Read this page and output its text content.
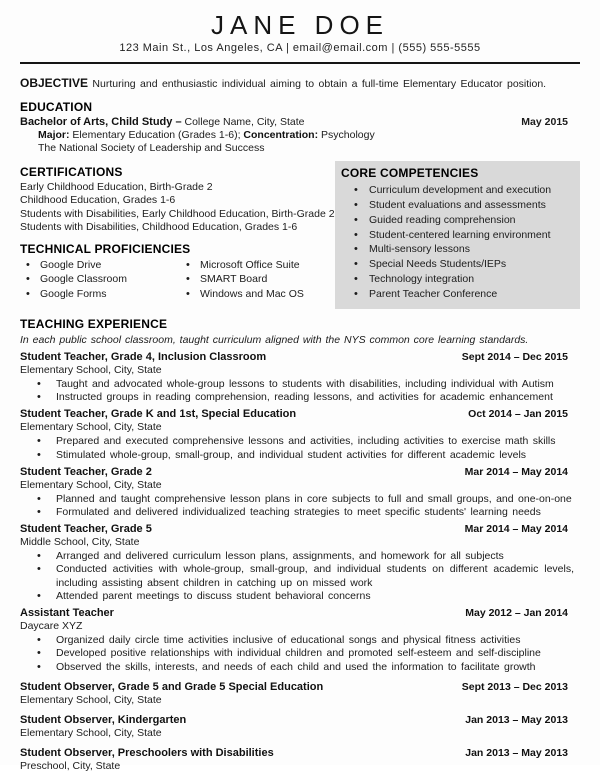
JANE DOE
123 Main St., Los Angeles, CA | email@email.com | (555) 555-5555

OBJECTIVE Nurturing and enthusiastic individual aiming to obtain a full-time Elementary Educator position.

EDUCATION
Bachelor of Arts, Child Study – College Name, City, State	May 2015
Major: Elementary Education (Grades 1-6); Concentration: Psychology
The National Society of Leadership and Success
CERTIFICATIONS
Early Childhood Education, Birth-Grade 2
Childhood Education, Grades 1-6
Students with Disabilities, Early Childhood Education, Birth-Grade 2
Students with Disabilities, Childhood Education, Grades 1-6
TECHNICAL PROFICIENCIES
• Google Drive
• Google Classroom
• Google Forms
• Microsoft Office Suite
• SMART Board
• Windows and Mac OS
CORE COMPETENCIES
• Curriculum development and execution
• Student evaluations and assessments
• Guided reading comprehension
• Student-centered learning environment
• Multi-sensory lessons
• Special Needs Students/IEPs
• Technology integration
• Parent Teacher Conference
TEACHING EXPERIENCE
In each public school classroom, taught curriculum aligned with the NYS common core learning standards.
Student Teacher, Grade 4, Inclusion Classroom	Sept 2014 – Dec 2015
Elementary School, City, State
• Taught and advocated whole-group lessons to students with disabilities, including individual with Autism
• Instructed groups in reading comprehension, reading lessons, and activities for academic enhancement
Student Teacher, Grade K and 1st, Special Education	Oct 2014 – Jan 2015
Elementary School, City, State
• Prepared and executed comprehensive lessons and activities, including activities to exercise math skills
• Stimulated whole-group, small-group, and individual student activities for different academic levels
Student Teacher, Grade 2	Mar 2014 – May 2014
Elementary School, City, State
• Planned and taught comprehensive lesson plans in core subjects to full and small groups, and one-on-one
• Formulated and delivered individualized teaching strategies to meet specific students' learning needs
Student Teacher, Grade 5	Mar 2014 – May 2014
Middle School, City, State
• Arranged and delivered curriculum lesson plans, assignments, and homework for all subjects
• Conducted activities with whole-group, small-group, and individual students on different academic levels, including assisting absent children in catching up on missed work
• Attended parent meetings to discuss student behavioral concerns
Assistant Teacher	May 2012 – Jan 2014
Daycare XYZ
• Organized daily circle time activities inclusive of educational songs and physical fitness activities
• Developed positive relationships with individual children and promoted self-esteem and self-discipline
• Observed the skills, interests, and needs of each child and used the information to facilitate growth
Student Observer, Grade 5 and Grade 5 Special Education	Sept 2013 – Dec 2013
Elementary School, City, State
Student Observer, Kindergarten	Jan 2013 – May 2013
Elementary School, City, State
Student Observer, Preschoolers with Disabilities	Jan 2013 – May 2013
Preschool, City, State
